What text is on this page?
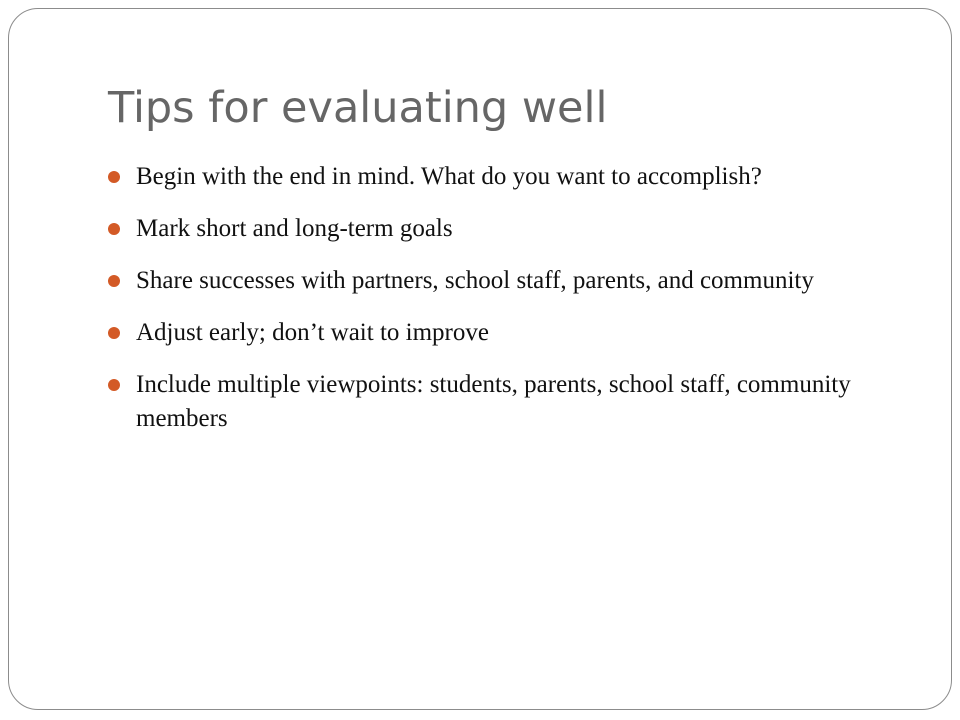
Tips for evaluating well
Begin with the end in mind. What do you want to accomplish?
Mark short and long-term goals
Share successes with partners, school staff, parents, and community
Adjust early; don’t wait to improve
Include multiple viewpoints: students, parents, school staff, community members
